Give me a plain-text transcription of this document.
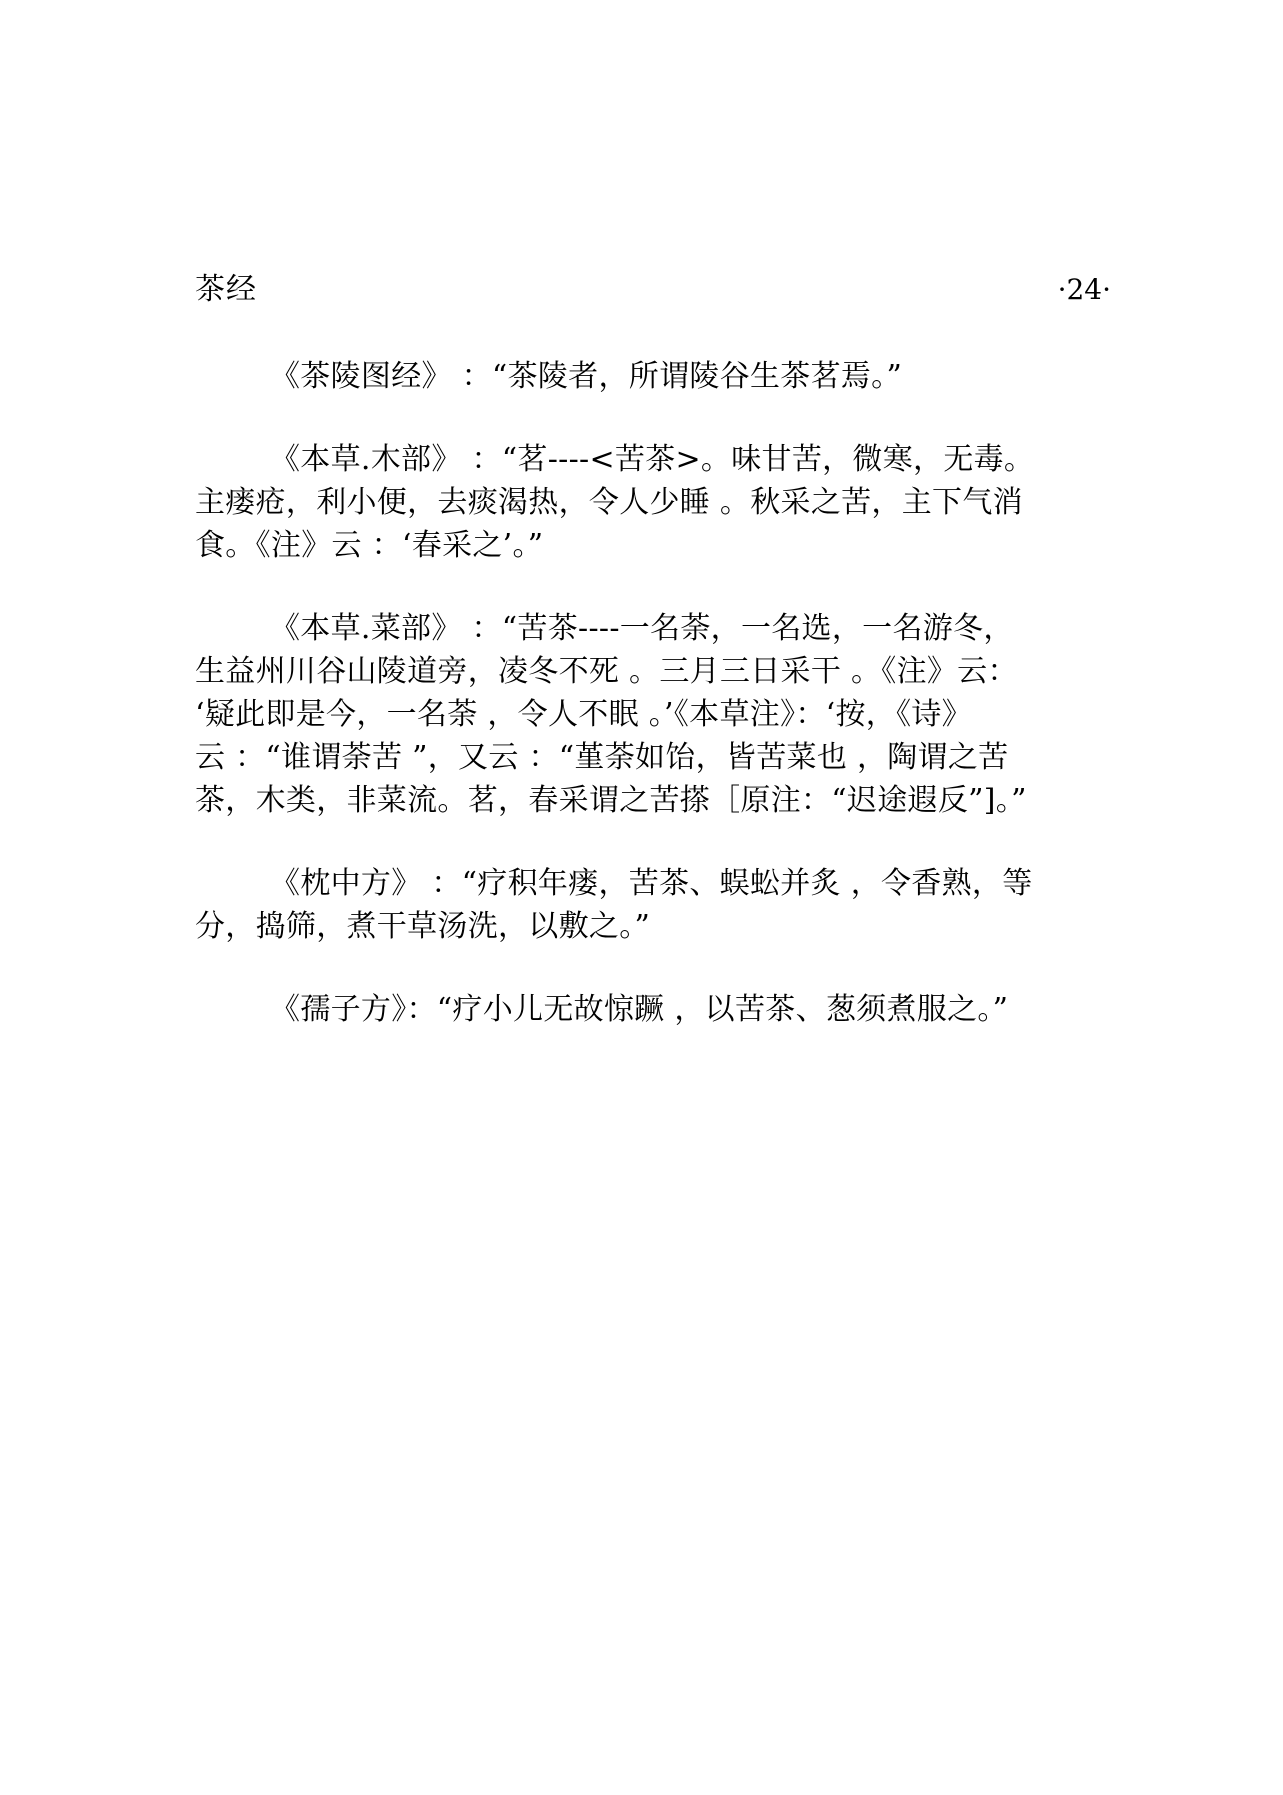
茶经	·24·

《茶陵图经》 ：“茶陵者，所谓陵谷生茶茗焉。”

《本草.木部》 ：“茗----<苦茶>。味甘苦，微寒，无毒。
主瘘疮，利小便，去痰渴热，令人少睡 。秋采之苦，主下气消
食。《注》云 ：‘春采之’。”

《本草.菜部》 ：“苦茶----一名荼，一名选，一名游冬，
生益州川谷山陵道旁，凌冬不死 。三月三日采干 。《注》云：
‘疑此即是今，一名荼 ，令人不眠 。’《本草注》：‘按，《诗》
云 ：“谁谓荼苦 ”，又云 ：“堇荼如饴，皆苦菜也 ，陶谓之苦
茶，木类，非菜流。茗，春采谓之苦搽［原注：“迟途遐反”]。”

《枕中方》 ：“疗积年瘘，苦茶、蜈蚣并炙 ，令香熟，等
分，捣筛，煮干草汤洗，以敷之。”

《孺子方》：“疗小儿无故惊蹶 ，以苦茶、葱须煮服之。”
